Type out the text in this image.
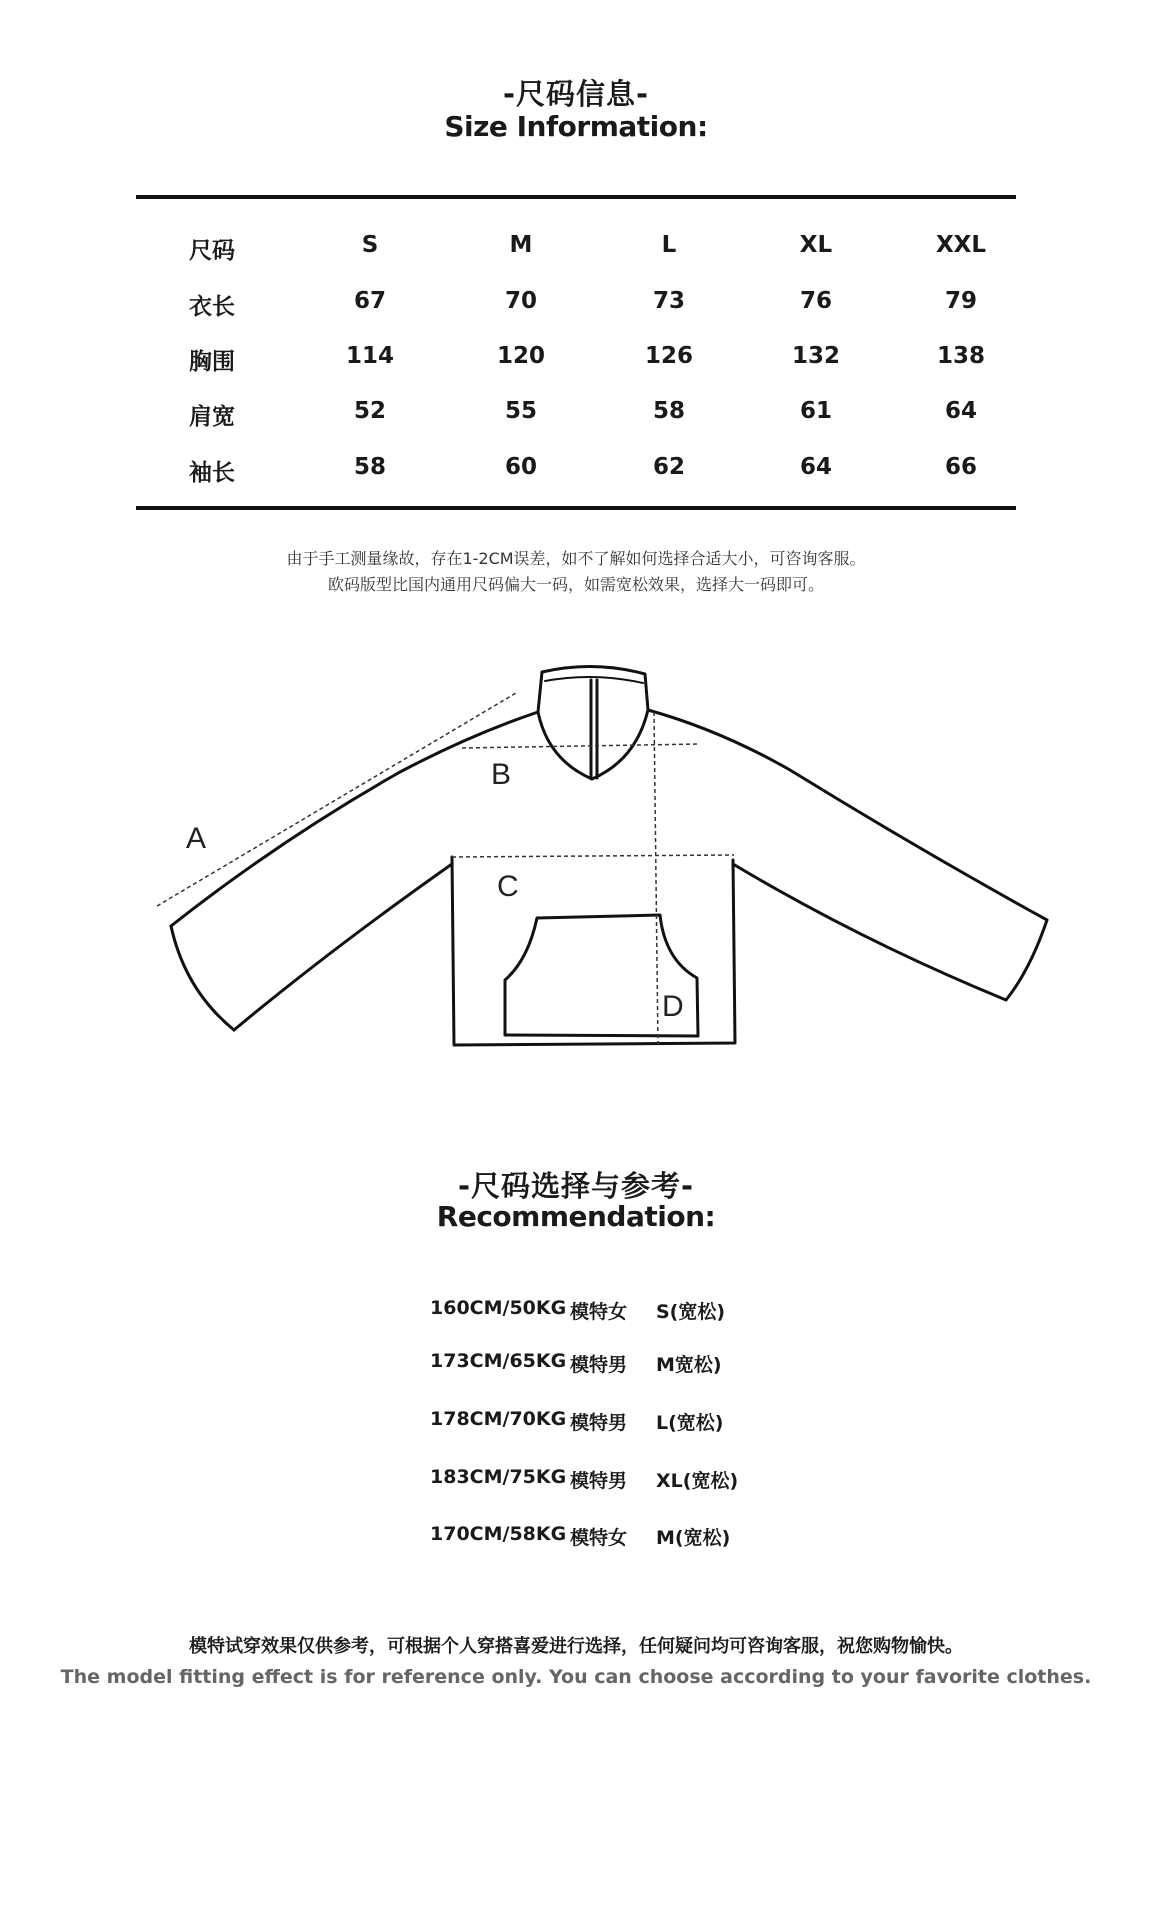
-尺码信息-
Size Information:
尺码	S	M	L	XL	XXL
衣长	67	70	73	76	79
胸围	114	120	126	132	138
肩宽	52	55	58	61	64
袖长	58	60	62	64	66
由于手工测量缘故，存在1-2CM误差，如不了解如何选择合适大小，可咨询客服。
欧码版型比国内通用尺码偏大一码，如需宽松效果，选择大一码即可。
A
B
C
D
-尺码选择与参考-
Recommendation:
160CM/50KG 模特女 S(宽松)
173CM/65KG 模特男 M宽松)
178CM/70KG 模特男 L(宽松)
183CM/75KG 模特男 XL(宽松)
170CM/58KG 模特女 M(宽松)
模特试穿效果仅供参考，可根据个人穿搭喜爱进行选择，任何疑问均可咨询客服，祝您购物愉快。
The model fitting effect is for reference only. You can choose according to your favorite clothes.
